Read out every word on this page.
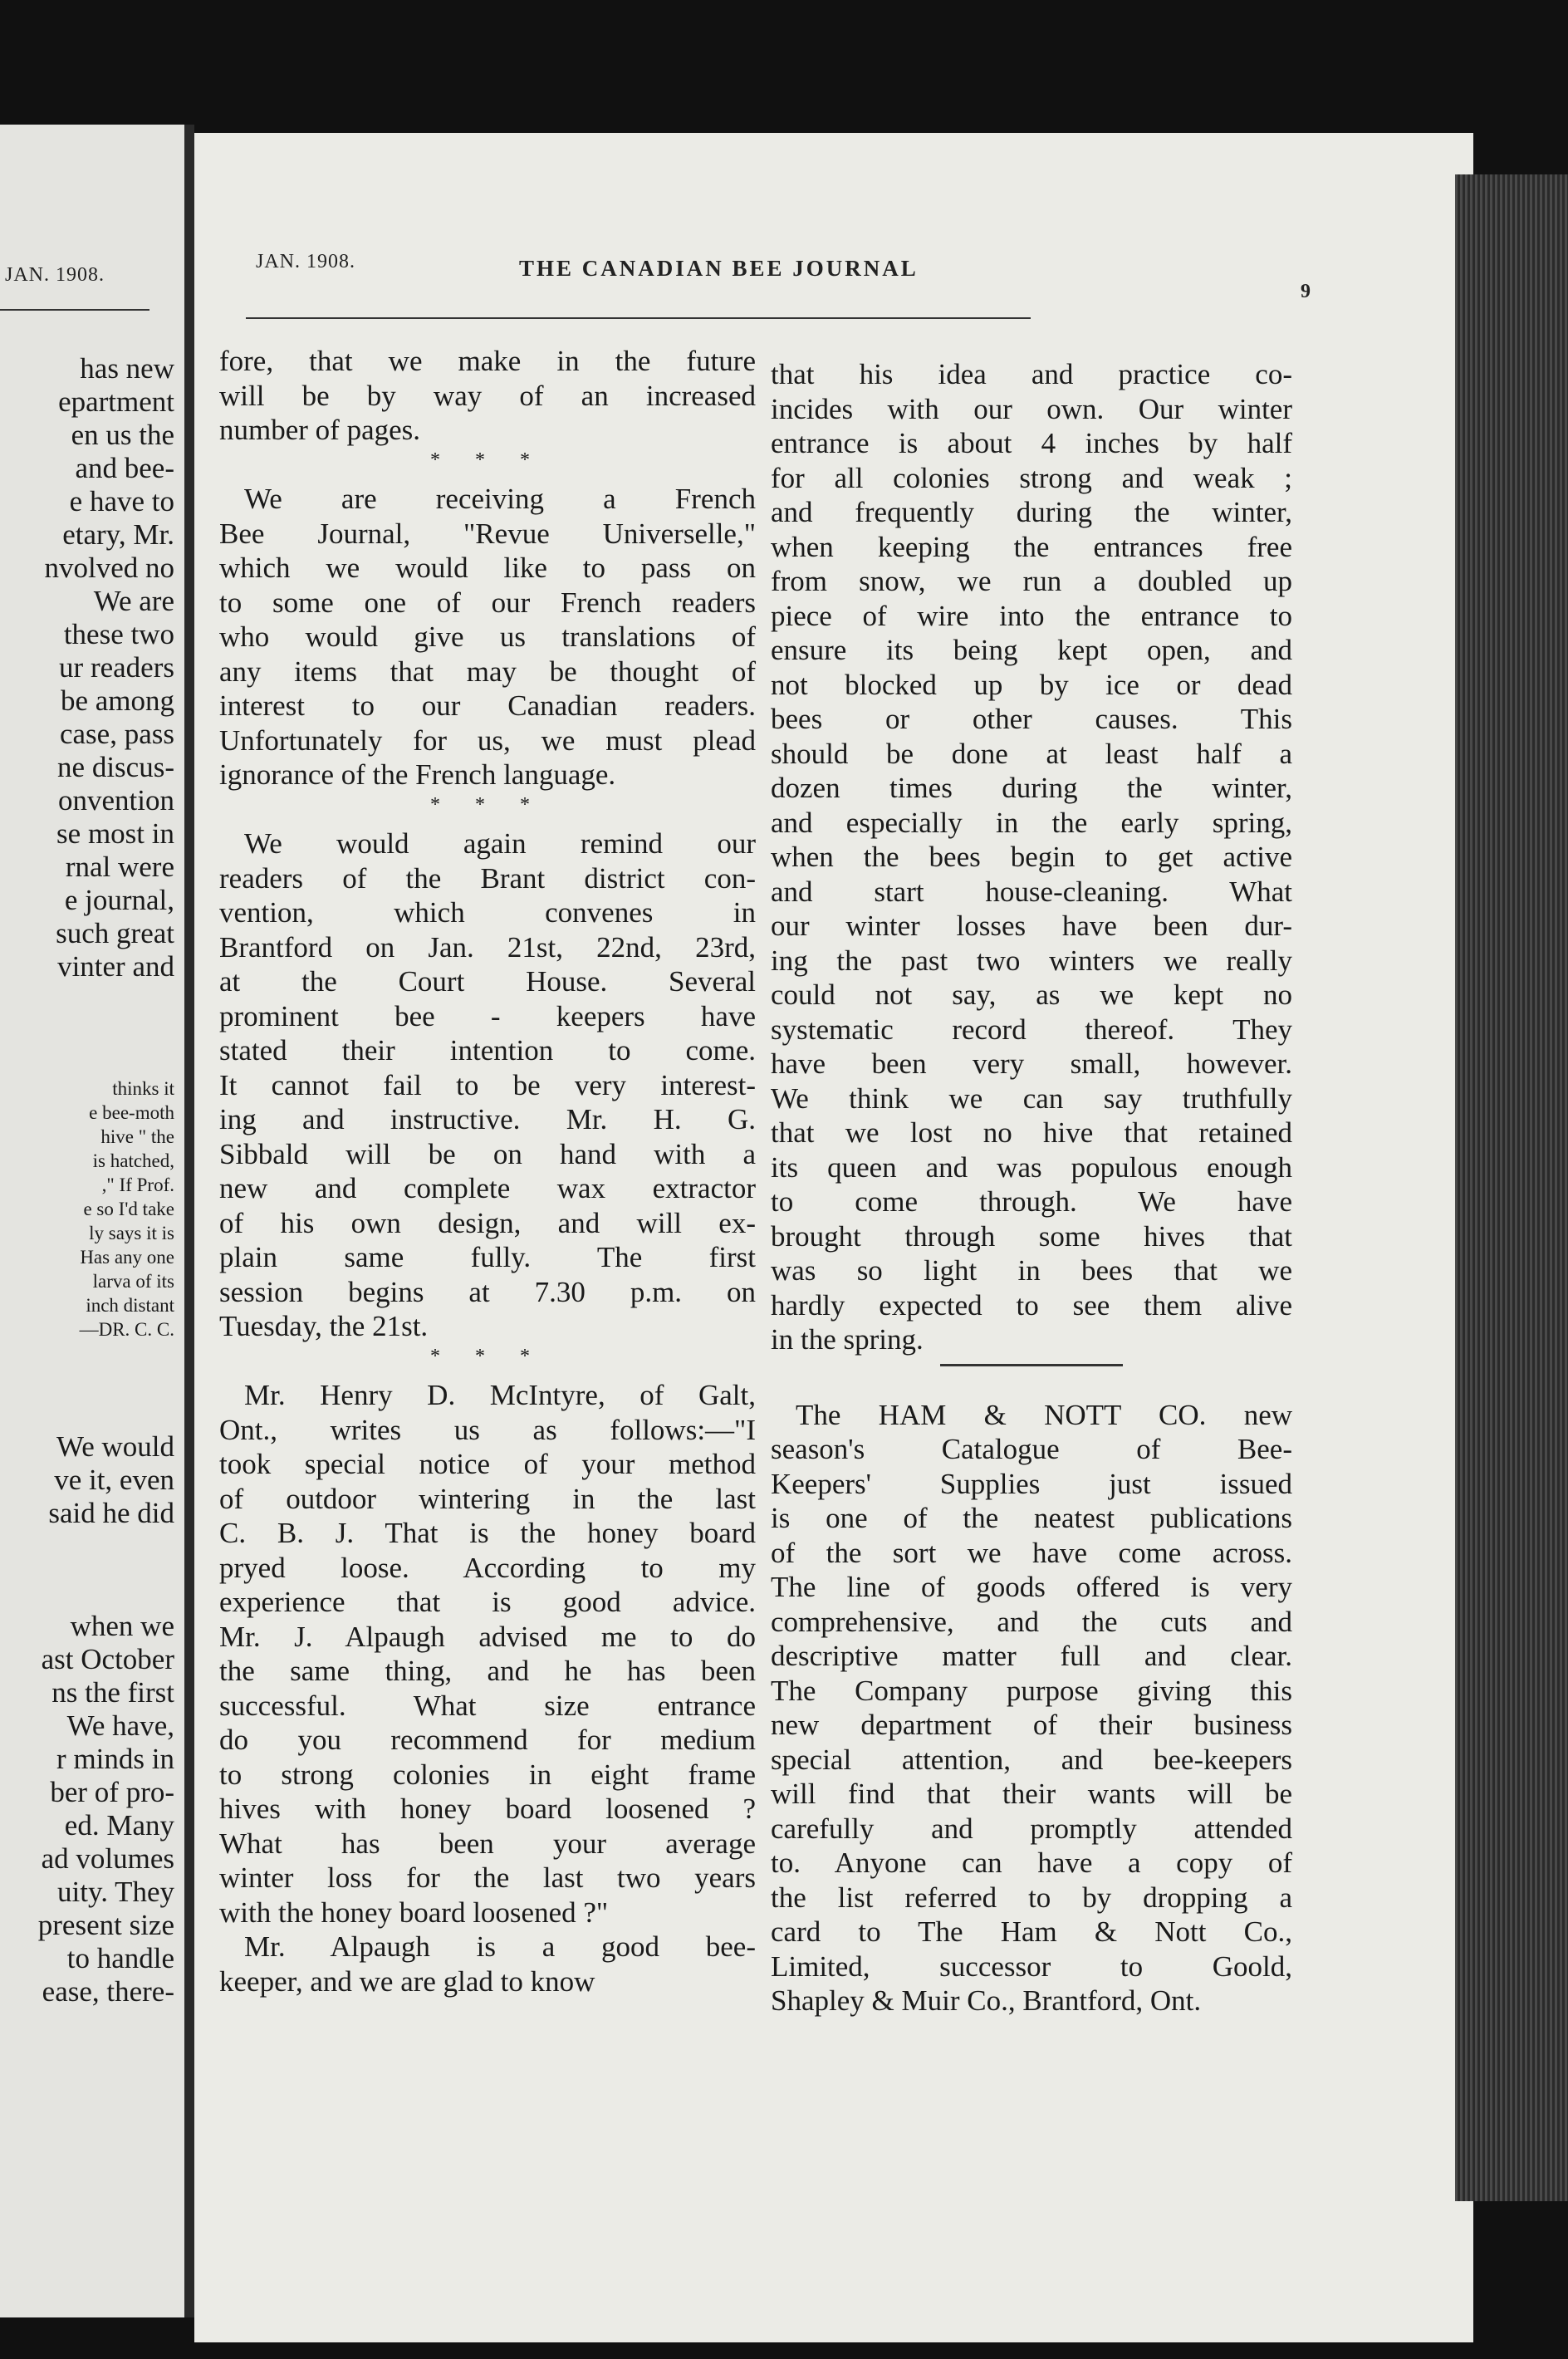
JAN. 1908.
has new
epartment
en us the
and bee-
e have to
etary, Mr.
nvolved no
We are
these two
ur readers
be among
case, pass
ne discus-
onvention
se most in
rnal were
e journal,
such great
vinter and
thinks it
e bee-moth
hive " the
is hatched,
," If Prof.
e so I'd take
ly says it is
Has any one
larva of its
inch distant
—DR. C. C.
We would
ve it, even
said he did
when we
ast October
ns the first
We have,
r minds in
ber of pro-
ed. Many
ad volumes
uity. They
present size
to handle
ease, there-
JAN. 1908.	THE CANADIAN BEE JOURNAL
9
fore, that we make in the future
will be by way of an increased
number of pages.
* * *
We are receiving a French
Bee Journal, "Revue Universelle,"
which we would like to pass on
to some one of our French readers
who would give us translations of
any items that may be thought of
interest to our Canadian readers.
Unfortunately for us, we must plead
ignorance of the French language.
* * *
We would again remind our
readers of the Brant district con-
vention, which convenes in
Brantford on Jan. 21st, 22nd, 23rd,
at the Court House. Several
prominent bee - keepers have
stated their intention to come.
It cannot fail to be very interest-
ing and instructive. Mr. H. G.
Sibbald will be on hand with a
new and complete wax extractor
of his own design, and will ex-
plain same fully. The first
session begins at 7.30 p.m. on
Tuesday, the 21st.
* * *
Mr. Henry D. McIntyre, of Galt,
Ont., writes us as follows:—"I
took special notice of your method
of outdoor wintering in the last
C. B. J. That is the honey board
pryed loose. According to my
experience that is good advice.
Mr. J. Alpaugh advised me to do
the same thing, and he has been
successful. What size entrance
do you recommend for medium
to strong colonies in eight frame
hives with honey board loosened ?
What has been your average
winter loss for the last two years
with the honey board loosened ?"
Mr. Alpaugh is a good bee-
keeper, and we are glad to know
that his idea and practice co-
incides with our own. Our winter
entrance is about 4 inches by half
for all colonies strong and weak ;
and frequently during the winter,
when keeping the entrances free
from snow, we run a doubled up
piece of wire into the entrance to
ensure its being kept open, and
not blocked up by ice or dead
bees or other causes. This
should be done at least half a
dozen times during the winter,
and especially in the early spring,
when the bees begin to get active
and start house-cleaning. What
our winter losses have been dur-
ing the past two winters we really
could not say, as we kept no
systematic record thereof. They
have been very small, however.
We think we can say truthfully
that we lost no hive that retained
its queen and was populous enough
to come through. We have
brought through some hives that
was so light in bees that we
hardly expected to see them alive
in the spring.
The HAM & NOTT CO. new
season's Catalogue of Bee-
Keepers' Supplies just issued
is one of the neatest publications
of the sort we have come across.
The line of goods offered is very
comprehensive, and the cuts and
descriptive matter full and clear.
The Company purpose giving this
new department of their business
special attention, and bee-keepers
will find that their wants will be
carefully and promptly attended
to. Anyone can have a copy of
the list referred to by dropping a
card to The Ham & Nott Co.,
Limited, successor to Goold,
Shapley & Muir Co., Brantford, Ont.
